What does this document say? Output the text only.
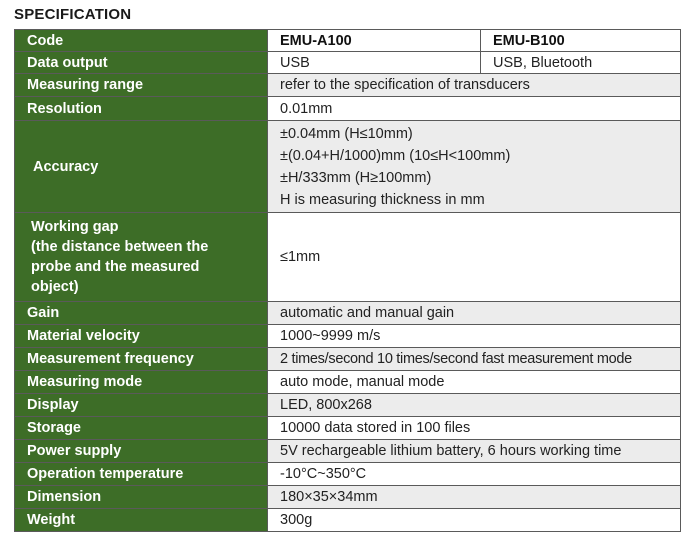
SPECIFICATION
Code	EMU-A100	EMU-B100
Data output	USB	USB, Bluetooth
Measuring range	refer to the specification of transducers	
Resolution	0.01mm	
Accuracy	±0.04mm (H≤10mm)
±(0.04+H/1000)mm (10≤H<100mm)
±H/333mm (H≥100mm)
H is measuring thickness in mm	

Working gap
(the distance between the
probe and the measured
object)	≤1mm	
Gain	automatic and manual gain	
Material velocity	1000~9999 m/s	
Measurement frequency	2 times/second 10 times/second fast measurement mode	
Measuring mode	auto mode, manual mode	
Display	LED, 800x268	
Storage	10000 data stored in 100 files	
Power supply	5V rechargeable lithium battery, 6 hours working time	
Operation temperature	-10°C~350°C	
Dimension	180×35×34mm	
Weight	300g	
